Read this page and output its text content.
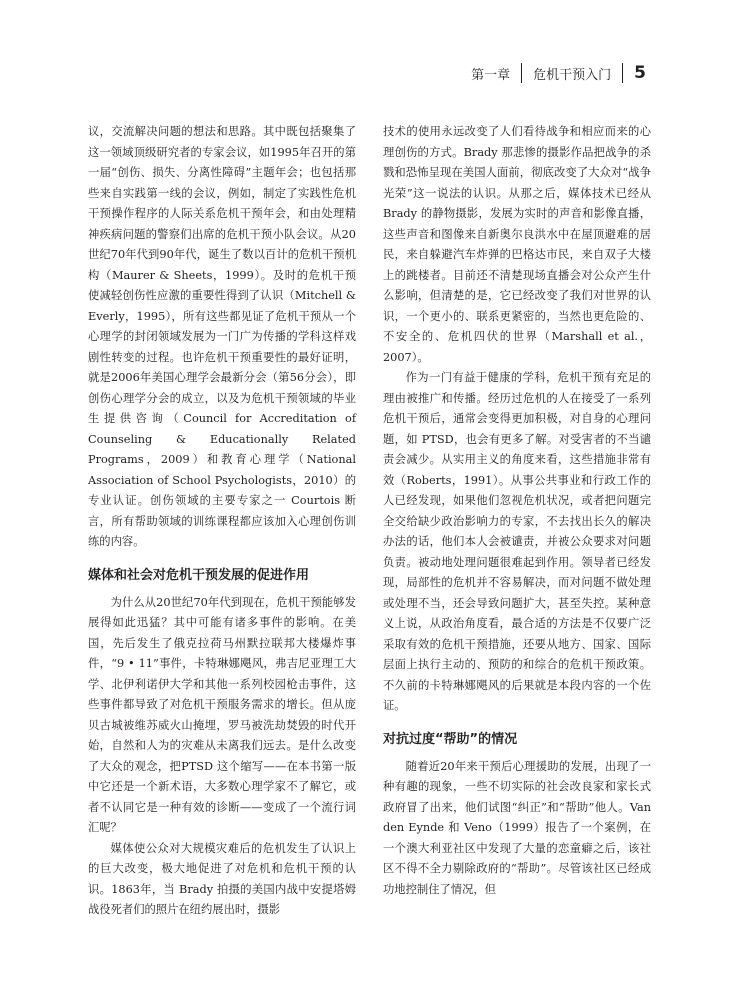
第一章 危机干预入门 5

议，交流解决问题的想法和思路。其中既包括聚集了这一领域顶级研究者的专家会议，如1995年召开的第一届“创伤、损失、分离性障碍”主题年会；也包括那些来自实践第一线的会议，例如，制定了实践性危机干预操作程序的人际关系危机干预年会，和由处理精神疾病问题的警察们出席的危机干预小队会议。从20世纪70年代到90年代，诞生了数以百计的危机干预机构（Maurer & Sheets，1999）。及时的危机干预使减轻创伤性应激的重要性得到了认识（Mitchell & Everly，1995），所有这些都见证了危机干预从一个心理学的封闭领域发展为一门广为传播的学科这样戏剧性转变的过程。也许危机干预重要性的最好证明，就是2006年美国心理学会最新分会（第56分会），即创伤心理学分会的成立，以及为危机干预领域的毕业生提供咨询（Council for Accreditation of Counseling & Educationally Related Programs，2009）和教育心理学（National Association of School Psychologists，2010）的专业认证。创伤领域的主要专家之一 Courtois 断言，所有帮助领域的训练课程都应该加入心理创伤训练的内容。

媒体和社会对危机干预发展的促进作用

为什么从20世纪70年代到现在，危机干预能够发展得如此迅猛？其中可能有诸多事件的影响。在美国，先后发生了俄克拉荷马州默拉联邦大楼爆炸事件，“9 • 11”事件，卡特琳娜飓风，弗吉尼亚理工大学、北伊利诺伊大学和其他一系列校园枪击事件，这些事件都导致了对危机干预服务需求的增长。但从庞贝古城被维苏威火山掩埋，罗马被洗劫焚毁的时代开始，自然和人为的灾难从未离我们远去。是什么改变了大众的观念，把PTSD 这个缩写——在本书第一版中它还是一个新术语，大多数心理学家不了解它，或者不认同它是一种有效的诊断——变成了一个流行词汇呢？

媒体使公众对大规模灾难后的危机发生了认识上的巨大改变，极大地促进了对危机和危机干预的认识。1863年，当 Brady 拍摄的美国内战中安提塔姆战役死者们的照片在纽约展出时，摄影

技术的使用永远改变了人们看待战争和相应而来的心理创伤的方式。Brady 那悲惨的摄影作品把战争的杀戮和恐怖呈现在美国人面前，彻底改变了大众对“战争光荣”这一说法的认识。从那之后，媒体技术已经从 Brady 的静物摄影，发展为实时的声音和影像直播，这些声音和图像来自新奥尔良洪水中在屋顶避难的居民，来自躲避汽车炸弹的巴格达市民，来自双子大楼上的跳楼者。目前还不清楚现场直播会对公众产生什么影响，但清楚的是，它已经改变了我们对世界的认识，一个更小的、联系更紧密的，当然也更危险的、不安全的、危机四伏的世界（Marshall et al.，2007）。

作为一门有益于健康的学科，危机干预有充足的理由被推广和传播。经历过危机的人在接受了一系列危机干预后，通常会变得更加积极，对自身的心理问题，如 PTSD，也会有更多了解。对受害者的不当谴责会减少。从实用主义的角度来看，这些措施非常有效（Roberts，1991）。从事公共事业和行政工作的人已经发现，如果他们忽视危机状况，或者把问题完全交给缺少政治影响力的专家，不去找出长久的解决办法的话，他们本人会被谴责，并被公众要求对问题负责。被动地处理问题很难起到作用。领导者已经发现，局部性的危机并不容易解决，而对问题不做处理或处理不当，还会导致问题扩大，甚至失控。某种意义上说，从政治角度看，最合适的方法是不仅要广泛采取有效的危机干预措施，还要从地方、国家、国际层面上执行主动的、预防的和综合的危机干预政策。不久前的卡特琳娜飓风的后果就是本段内容的一个佐证。

对抗过度“帮助”的情况

随着近20年来干预后心理援助的发展，出现了一种有趣的现象，一些不切实际的社会改良家和家长式政府冒了出来，他们试图“纠正”和“帮助”他人。Van den Eynde 和 Veno（1999）报告了一个案例，在一个澳大利亚社区中发现了大量的恋童癖之后，该社区不得不全力剔除政府的“帮助”。尽管该社区已经成功地控制住了情况，但
